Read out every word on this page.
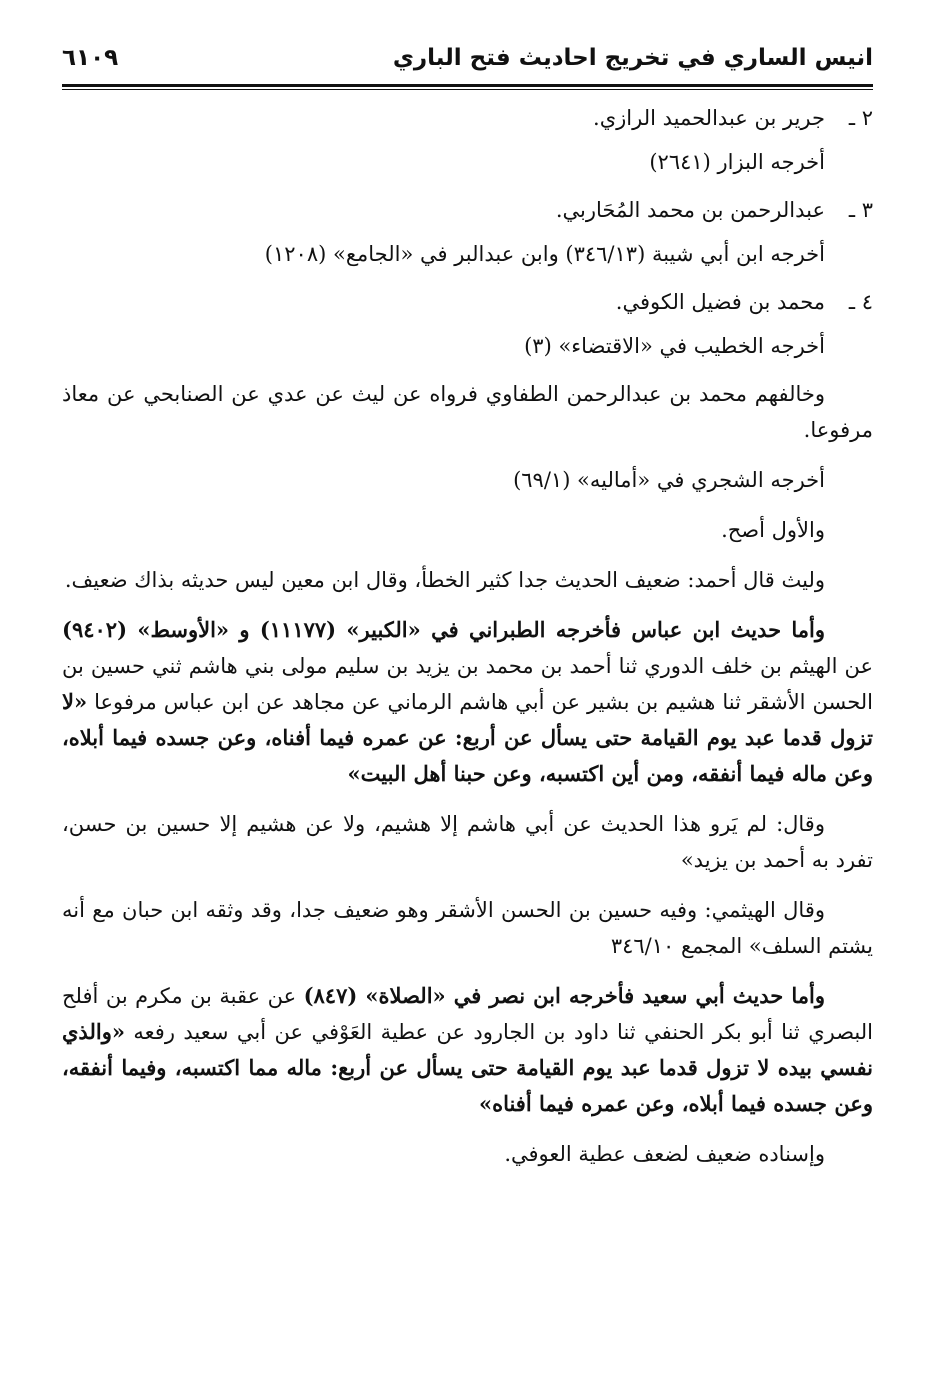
انيس الساري في تخريج احاديث فتح الباري
٦١٠٩
٢ ـ
جرير بن عبدالحميد الرازي.
أخرجه البزار (٢٦٤١)
٣ ـ
عبدالرحمن بن محمد المُحَاربي.
أخرجه ابن أبي شيبة (٣٤٦/١٣) وابن عبدالبر في «الجامع» (١٢٠٨)
٤ ـ
محمد بن فضيل الكوفي.
أخرجه الخطيب في «الاقتضاء» (٣)

وخالفهم محمد بن عبدالرحمن الطفاوي فرواه عن ليث عن عدي عن الصنابحي عن معاذ مرفوعا.

أخرجه الشجري في «أماليه» (٦٩/١)

والأول أصح.

وليث قال أحمد: ضعيف الحديث جدا كثير الخطأ، وقال ابن معين ليس حديثه بذاك ضعيف.

وأما حديث ابن عباس فأخرجه الطبراني في «الكبير» (١١١٧٧) و «الأوسط» (٩٤٠٢) عن الهيثم بن خلف الدوري ثنا أحمد بن محمد بن يزيد بن سليم مولى بني هاشم ثني حسين بن الحسن الأشقر ثنا هشيم بن بشير عن أبي هاشم الرماني عن مجاهد عن ابن عباس مرفوعا «لا تزول قدما عبد يوم القيامة حتى يسأل عن أربع: عن عمره فيما أفناه، وعن جسده فيما أبلاه، وعن ماله فيما أنفقه، ومن أين اكتسبه، وعن حبنا أهل البيت»

وقال: لم يَرو هذا الحديث عن أبي هاشم إلا هشيم، ولا عن هشيم إلا حسين بن حسن، تفرد به أحمد بن يزيد»

وقال الهيثمي: وفيه حسين بن الحسن الأشقر وهو ضعيف جدا، وقد وثقه ابن حبان مع أنه يشتم السلف» المجمع ٣٤٦/١٠

وأما حديث أبي سعيد فأخرجه ابن نصر في «الصلاة» (٨٤٧) عن عقبة بن مكرم بن أفلح البصري ثنا أبو بكر الحنفي ثنا داود بن الجارود عن عطية العَوْفي عن أبي سعيد رفعه «والذي نفسي بيده لا تزول قدما عبد يوم القيامة حتى يسأل عن أربع: ماله مما اكتسبه، وفيما أنفقه، وعن جسده فيما أبلاه، وعن عمره فيما أفناه»

وإسناده ضعيف لضعف عطية العوفي.
